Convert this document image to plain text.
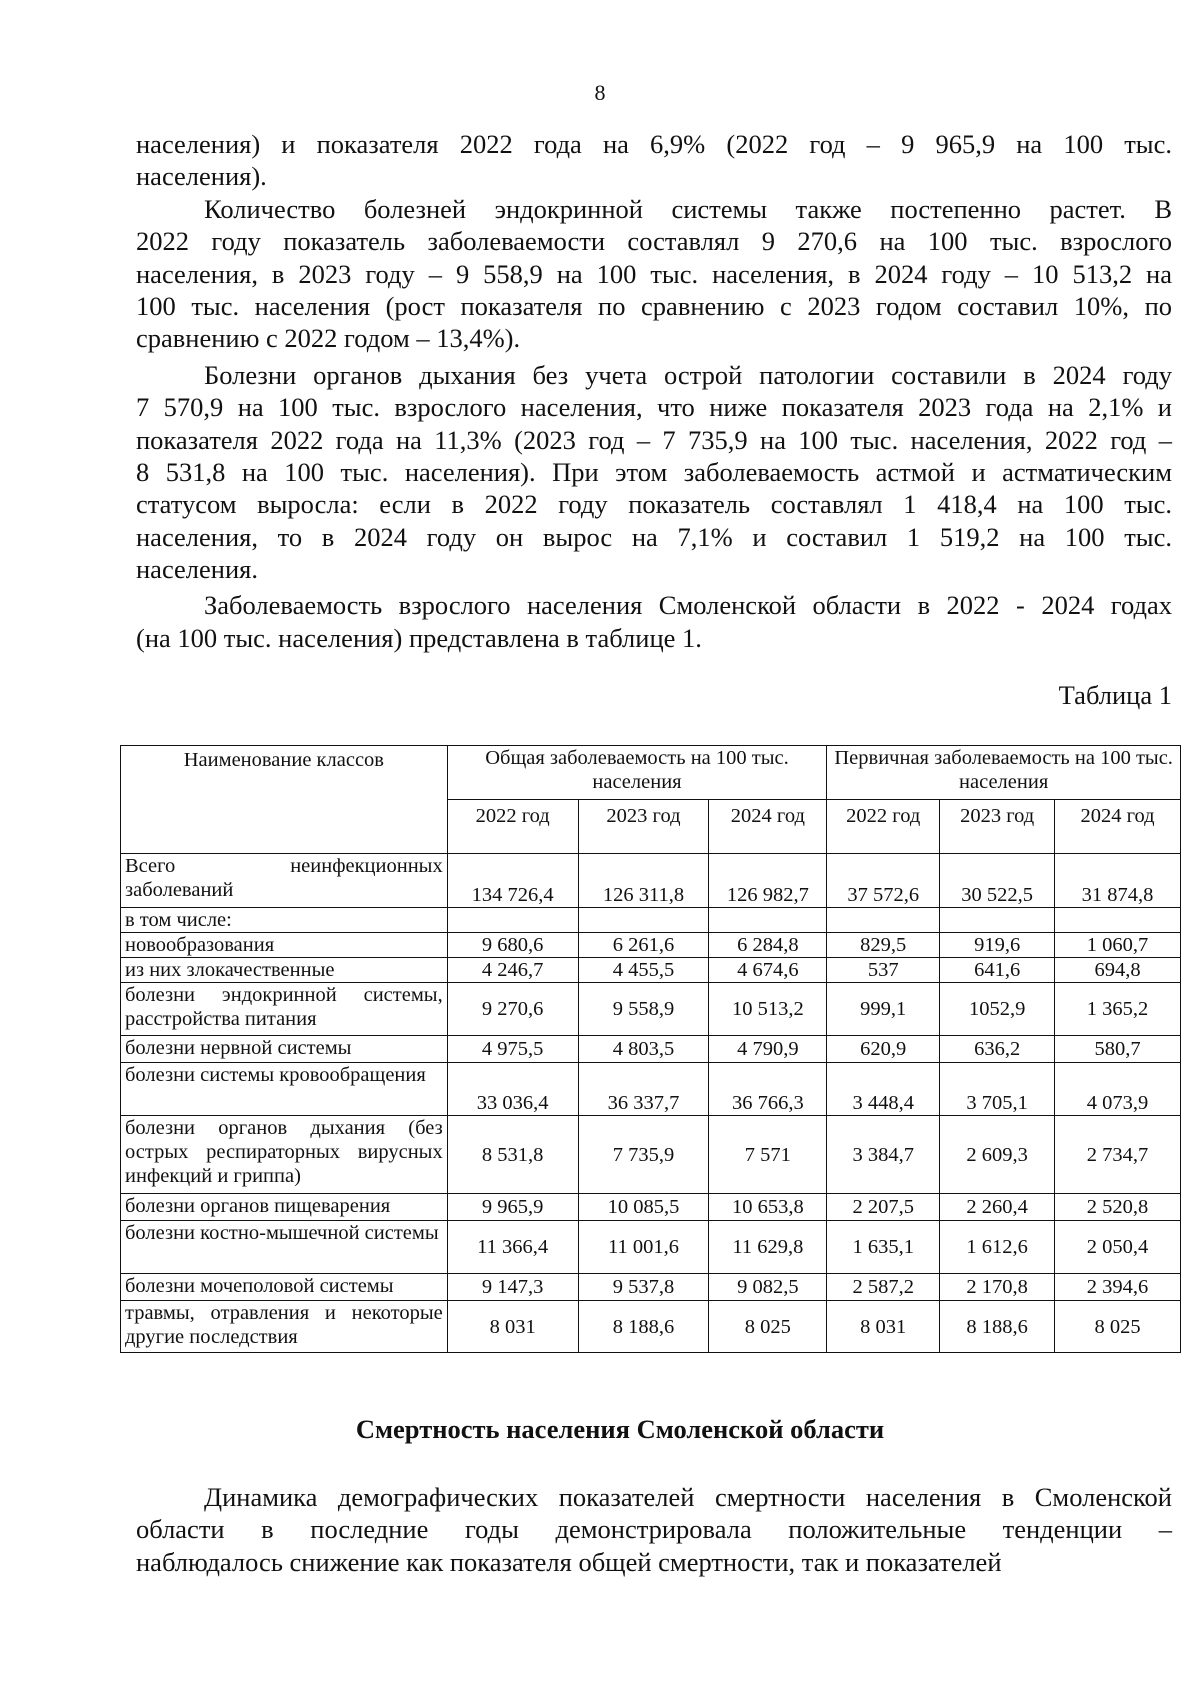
8
населения) и показателя 2022 года на 6,9% (2022 год – 9 965,9 на 100 тыс.
населения).
Количество болезней эндокринной системы также постепенно растет. В
2022 году показатель заболеваемости составлял 9 270,6 на 100 тыс. взрослого
населения, в 2023 году – 9 558,9 на 100 тыс. населения, в 2024 году – 10 513,2 на
100 тыс. населения (рост показателя по сравнению с 2023 годом составил 10%, по
сравнению с 2022 годом – 13,4%).
Болезни органов дыхания без учета острой патологии составили в 2024 году
7 570,9 на 100 тыс. взрослого населения, что ниже показателя 2023 года на 2,1% и
показателя 2022 года на 11,3% (2023 год – 7 735,9 на 100 тыс. населения, 2022 год –
8 531,8 на 100 тыс. населения). При этом заболеваемость астмой и астматическим
статусом выросла: если в 2022 году показатель составлял 1 418,4 на 100 тыс.
населения, то в 2024 году он вырос на 7,1% и составил 1 519,2 на 100 тыс.
населения.
Заболеваемость взрослого населения Смоленской области в 2022 - 2024 годах
(на 100 тыс. населения) представлена в таблице 1.
Таблица 1
Наименование классов	Общая заболеваемость на 100 тыс. населения			Первичная заболеваемость на 100 тыс. населения		
	2022 год	2023 год	2024 год	2022 год	2023 год	2024 год
Всего неинфекционных заболеваний	134 726,4	126 311,8	126 982,7	37 572,6	30 522,5	31 874,8
в том числе:						
новообразования	9 680,6	6 261,6	6 284,8	829,5	919,6	1 060,7
из них злокачественные	4 246,7	4 455,5	4 674,6	537	641,6	694,8
болезни эндокринной системы, расстройства питания	9 270,6	9 558,9	10 513,2	999,1	1052,9	1 365,2
болезни нервной системы	4 975,5	4 803,5	4 790,9	620,9	636,2	580,7
болезни системы кровообращения	33 036,4	36 337,7	36 766,3	3 448,4	3 705,1	4 073,9
болезни органов дыхания (без острых респираторных вирусных инфекций и гриппа)	8 531,8	7 735,9	7 571	3 384,7	2 609,3	2 734,7
болезни органов пищеварения	9 965,9	10 085,5	10 653,8	2 207,5	2 260,4	2 520,8
болезни костно-мышечной системы	11 366,4	11 001,6	11 629,8	1 635,1	1 612,6	2 050,4
болезни мочеполовой системы	9 147,3	9 537,8	9 082,5	2 587,2	2 170,8	2 394,6
травмы, отравления и некоторые другие последствия	8 031	8 188,6	8 025	8 031	8 188,6	8 025
Смертность населения Смоленской области
Динамика демографических показателей смертности населения в Смоленской
области в последние годы демонстрировала положительные тенденции –
наблюдалось снижение как показателя общей смертности, так и показателей
